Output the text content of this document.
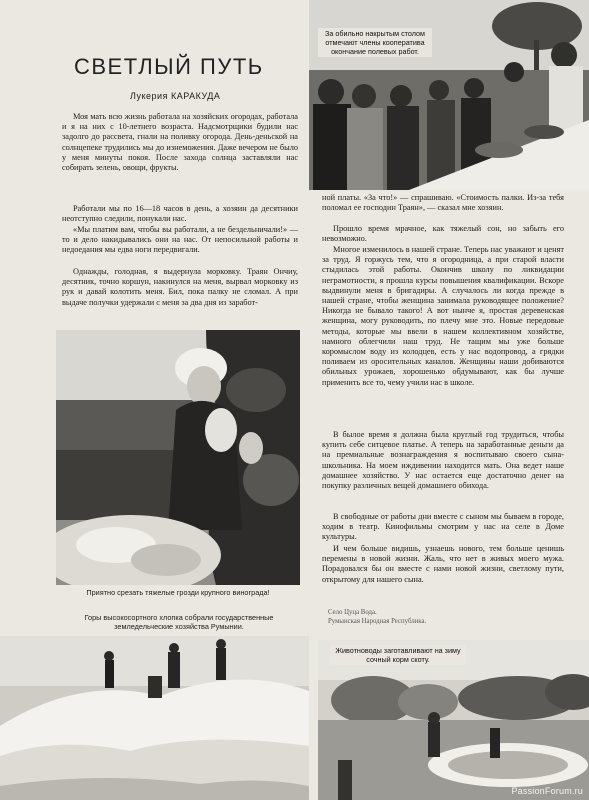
За обильно накрытым столом отмечают члены кооператива окончание полевых работ.
СВЕТЛЫЙ ПУТЬ
Лукерия КАРАКУДА

Моя мать всю жизнь работала на хозяйских огородах, работала и я на них с 10-летнего возраста. Надсмотрщики будили нас задолго до рассвета, гнали на поливку огорода. День-деньской на солнцепеке трудились мы до изнеможения. Даже вечером не было у меня минуты покоя. После захода солнца заставляли нас собирать зелень, овощи, фрукты.

Работали мы по 16—18 часов в день, а хозяин да десятники неотступно следили, понукали нас.

«Мы платим вам, чтобы вы работали, а не бездельничали!» — то и дело накидывались они на нас. От непосильной работы и недоедания мы едва ноги передвигали.

Однажды, голодная, я выдернула морковку. Траян Ончиу, десятник, точно коршун, накинулся на меня, вырвал морковку из рук и давай колотить меня. Бил, пока палку не сломал. А при выдаче получки удержали с меня за два дня из заработ-

Приятно срезать тяжелые грозди крупного винограда!
Горы высокосортного хлопка собрали государственные земледельческие хозяйства Румынии.

ной платы. «За что!» — спрашиваю. «Стоимость палки. Из-за тебя поломал ее господин Траян», — сказал мне хозяин.

Прошло время мрачное, как тяжелый сон, но забыть его невозможно.

Многое изменилось в нашей стране. Теперь нас уважают и ценят за труд. Я горжусь тем, что я огородница, а при старой власти стыдилась этой работы. Окончив школу по ликвидации неграмотности, я прошла курсы повышения квалификации. Вскоре выдвинули меня в бригадиры. А случалось ли когда прежде в нашей стране, чтобы женщина занимала руководящее положение? Никогда не бывало такого! А вот нынче я, простая деревенская женщина, могу руководить, по плечу мне это. Новые передовые методы, которые мы ввели в нашем коллективном хозяйстве, намного облегчили наш труд. Не тащим мы уже больше коромыслом воду из колодцев, есть у нас водопровод, а грядки поливаем из оросительных каналов. Женщины наши добиваются обильных урожаев, хорошенько обдумывают, как бы лучше применить все то, чему учили нас в школе.

В былое время я должна была круглый год трудиться, чтобы купить себе ситцевое платье. А теперь на заработанные деньги да на премиальные вознаграждения я воспитываю своего сына-школьника. На моем иждивении находится мать. Она ведет наше домашнее хозяйство. У нас остается еще достаточно денег на покупку различных вещей домашнего обихода.

В свободные от работы дни вместе с сыном мы бываем в городе, ходим в театр. Кинофильмы смотрим у нас на селе в Доме культуры.

И чем больше видишь, узнаешь нового, тем больше ценишь перемены в новой жизни. Жаль, что нет в живых моего мужа. Порадовался бы он вместе с нами новой жизни, светлому пути, открытому для нашего сына.

Село Цуца Вода.
Румынская Народная Республика.
Животноводы заготавливают на зиму сочный корм скоту.
PassionForum.ru
